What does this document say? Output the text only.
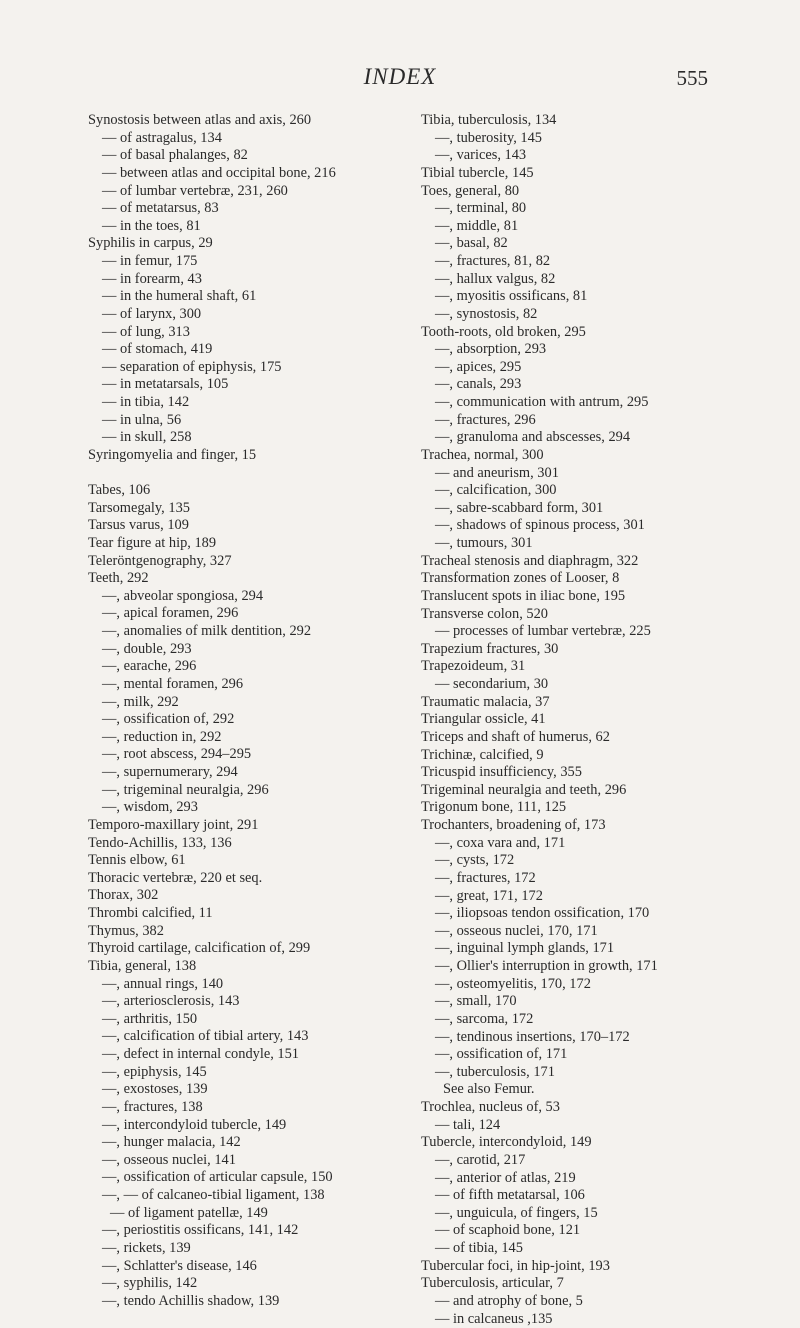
INDEX	555
Synostosis between atlas and axis, 260
— of astragalus, 134
— of basal phalanges, 82
— between atlas and occipital bone, 216
— of lumbar vertebræ, 231, 260
— of metatarsus, 83
— in the toes, 81
Syphilis in carpus, 29
— in femur, 175
— in forearm, 43
— in the humeral shaft, 61
— of larynx, 300
— of lung, 313
— of stomach, 419
— separation of epiphysis, 175
— in metatarsals, 105
— in tibia, 142
— in ulna, 56
— in skull, 258
Syringomyelia and finger, 15
Tabes, 106
Tarsomegaly, 135
Tarsus varus, 109
Tear figure at hip, 189
Teleröntgenography, 327
Teeth, 292
—, abveolar spongiosa, 294
—, apical foramen, 296
—, anomalies of milk dentition, 292
—, double, 293
—, earache, 296
—, mental foramen, 296
—, milk, 292
—, ossification of, 292
—, reduction in, 292
—, root abscess, 294–295
—, supernumerary, 294
—, trigeminal neuralgia, 296
—, wisdom, 293
Temporo-maxillary joint, 291
Tendo-Achillis, 133, 136
Tennis elbow, 61
Thoracic vertebræ, 220 et seq.
Thorax, 302
Thrombi calcified, 11
Thymus, 382
Thyroid cartilage, calcification of, 299
Tibia, general, 138
—, annual rings, 140
—, arteriosclerosis, 143
—, arthritis, 150
—, calcification of tibial artery, 143
—, defect in internal condyle, 151
—, epiphysis, 145
—, exostoses, 139
—, fractures, 138
—, intercondyloid tubercle, 149
—, hunger malacia, 142
—, osseous nuclei, 141
—, ossification of articular capsule, 150
—, — of calcaneo-tibial ligament, 138
— of ligament patellæ, 149
—, periostitis ossificans, 141, 142
—, rickets, 139
—, Schlatter's disease, 146
—, syphilis, 142
—, tendo Achillis shadow, 139
Tibia, tuberculosis, 134
—, tuberosity, 145
—, varices, 143
Tibial tubercle, 145
Toes, general, 80
—, terminal, 80
—, middle, 81
—, basal, 82
—, fractures, 81, 82
—, hallux valgus, 82
—, myositis ossificans, 81
—, synostosis, 82
Tooth-roots, old broken, 295
—, absorption, 293
—, apices, 295
—, canals, 293
—, communication with antrum, 295
—, fractures, 296
—, granuloma and abscesses, 294
Trachea, normal, 300
— and aneurism, 301
—, calcification, 300
—, sabre-scabbard form, 301
—, shadows of spinous process, 301
—, tumours, 301
Tracheal stenosis and diaphragm, 322
Transformation zones of Looser, 8
Translucent spots in iliac bone, 195
Transverse colon, 520
— processes of lumbar vertebræ, 225
Trapezium fractures, 30
Trapezoideum, 31
— secondarium, 30
Traumatic malacia, 37
Triangular ossicle, 41
Triceps and shaft of humerus, 62
Trichinæ, calcified, 9
Tricuspid insufficiency, 355
Trigeminal neuralgia and teeth, 296
Trigonum bone, 111, 125
Trochanters, broadening of, 173
—, coxa vara and, 171
—, cysts, 172
—, fractures, 172
—, great, 171, 172
—, iliopsoas tendon ossification, 170
—, osseous nuclei, 170, 171
—, inguinal lymph glands, 171
—, Ollier's interruption in growth, 171
—, osteomyelitis, 170, 172
—, small, 170
—, sarcoma, 172
—, tendinous insertions, 170–172
—, ossification of, 171
—, tuberculosis, 171
See also Femur.
Trochlea, nucleus of, 53
— tali, 124
Tubercle, intercondyloid, 149
—, carotid, 217
—, anterior of atlas, 219
— of fifth metatarsal, 106
—, unguicula, of fingers, 15
— of scaphoid bone, 121
— of tibia, 145
Tubercular foci, in hip-joint, 193
Tuberculosis, articular, 7
— and atrophy of bone, 5
— in calcaneus ,135
